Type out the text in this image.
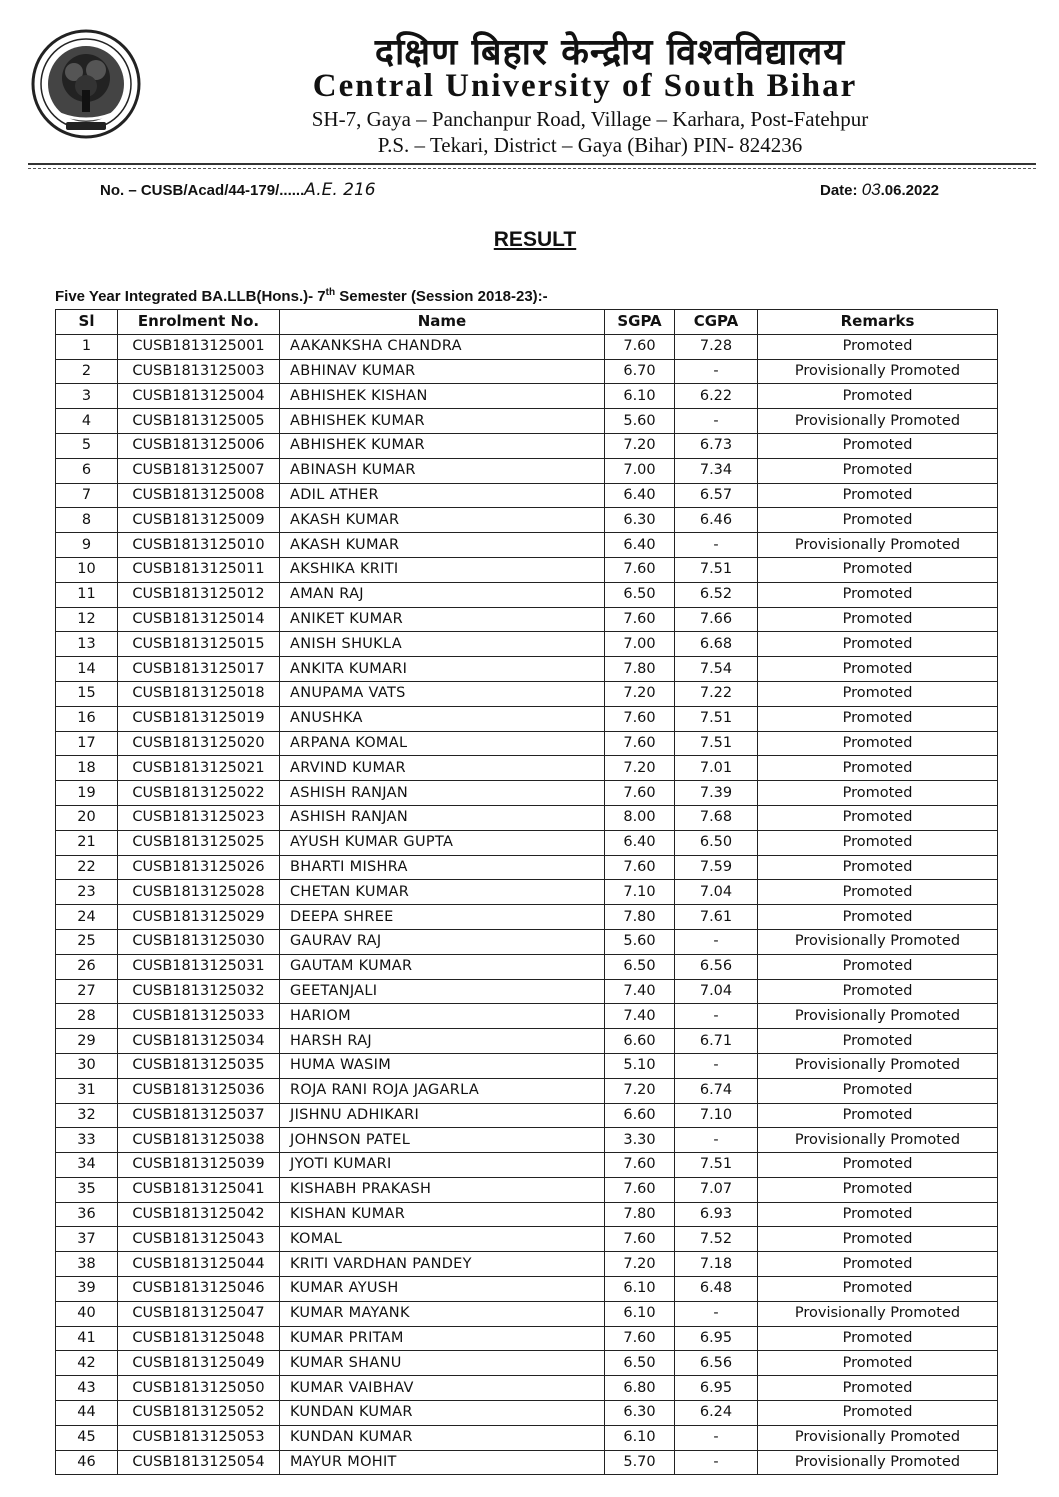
दक्षिण बिहार केन्द्रीय विश्वविद्यालय
Central University of South Bihar
SH-7, Gaya – Panchanpur Road, Village – Karhara, Post-Fatehpur
P.S. – Tekari, District – Gaya (Bihar) PIN- 824236
No. – CUSB/Acad/44-179/......A.E. 216	Date: 03.06.2022
RESULT
Five Year Integrated BA.LLB(Hons.)- 7th Semester (Session 2018-23):-
Sl	Enrolment No.	Name	SGPA	CGPA	Remarks
1	CUSB1813125001	AAKANKSHA CHANDRA	7.60	7.28	Promoted
2	CUSB1813125003	ABHINAV KUMAR	6.70	-	Provisionally Promoted
3	CUSB1813125004	ABHISHEK KISHAN	6.10	6.22	Promoted
4	CUSB1813125005	ABHISHEK KUMAR	5.60	-	Provisionally Promoted
5	CUSB1813125006	ABHISHEK KUMAR	7.20	6.73	Promoted
6	CUSB1813125007	ABINASH KUMAR	7.00	7.34	Promoted
7	CUSB1813125008	ADIL ATHER	6.40	6.57	Promoted
8	CUSB1813125009	AKASH KUMAR	6.30	6.46	Promoted
9	CUSB1813125010	AKASH KUMAR	6.40	-	Provisionally Promoted
10	CUSB1813125011	AKSHIKA KRITI	7.60	7.51	Promoted
11	CUSB1813125012	AMAN RAJ	6.50	6.52	Promoted
12	CUSB1813125014	ANIKET KUMAR	7.60	7.66	Promoted
13	CUSB1813125015	ANISH SHUKLA	7.00	6.68	Promoted
14	CUSB1813125017	ANKITA KUMARI	7.80	7.54	Promoted
15	CUSB1813125018	ANUPAMA VATS	7.20	7.22	Promoted
16	CUSB1813125019	ANUSHKA	7.60	7.51	Promoted
17	CUSB1813125020	ARPANA KOMAL	7.60	7.51	Promoted
18	CUSB1813125021	ARVIND KUMAR	7.20	7.01	Promoted
19	CUSB1813125022	ASHISH RANJAN	7.60	7.39	Promoted
20	CUSB1813125023	ASHISH RANJAN	8.00	7.68	Promoted
21	CUSB1813125025	AYUSH KUMAR GUPTA	6.40	6.50	Promoted
22	CUSB1813125026	BHARTI MISHRA	7.60	7.59	Promoted
23	CUSB1813125028	CHETAN KUMAR	7.10	7.04	Promoted
24	CUSB1813125029	DEEPA SHREE	7.80	7.61	Promoted
25	CUSB1813125030	GAURAV RAJ	5.60	-	Provisionally Promoted
26	CUSB1813125031	GAUTAM KUMAR	6.50	6.56	Promoted
27	CUSB1813125032	GEETANJALI	7.40	7.04	Promoted
28	CUSB1813125033	HARIOM	7.40	-	Provisionally Promoted
29	CUSB1813125034	HARSH RAJ	6.60	6.71	Promoted
30	CUSB1813125035	HUMA WASIM	5.10	-	Provisionally Promoted
31	CUSB1813125036	ROJA RANI ROJA JAGARLA	7.20	6.74	Promoted
32	CUSB1813125037	JISHNU ADHIKARI	6.60	7.10	Promoted
33	CUSB1813125038	JOHNSON PATEL	3.30	-	Provisionally Promoted
34	CUSB1813125039	JYOTI KUMARI	7.60	7.51	Promoted
35	CUSB1813125041	KISHABH PRAKASH	7.60	7.07	Promoted
36	CUSB1813125042	KISHAN KUMAR	7.80	6.93	Promoted
37	CUSB1813125043	KOMAL	7.60	7.52	Promoted
38	CUSB1813125044	KRITI VARDHAN PANDEY	7.20	7.18	Promoted
39	CUSB1813125046	KUMAR AYUSH	6.10	6.48	Promoted
40	CUSB1813125047	KUMAR MAYANK	6.10	-	Provisionally Promoted
41	CUSB1813125048	KUMAR PRITAM	7.60	6.95	Promoted
42	CUSB1813125049	KUMAR SHANU	6.50	6.56	Promoted
43	CUSB1813125050	KUMAR VAIBHAV	6.80	6.95	Promoted
44	CUSB1813125052	KUNDAN KUMAR	6.30	6.24	Promoted
45	CUSB1813125053	KUNDAN KUMAR	6.10	-	Provisionally Promoted
46	CUSB1813125054	MAYUR MOHIT	5.70	-	Provisionally Promoted
